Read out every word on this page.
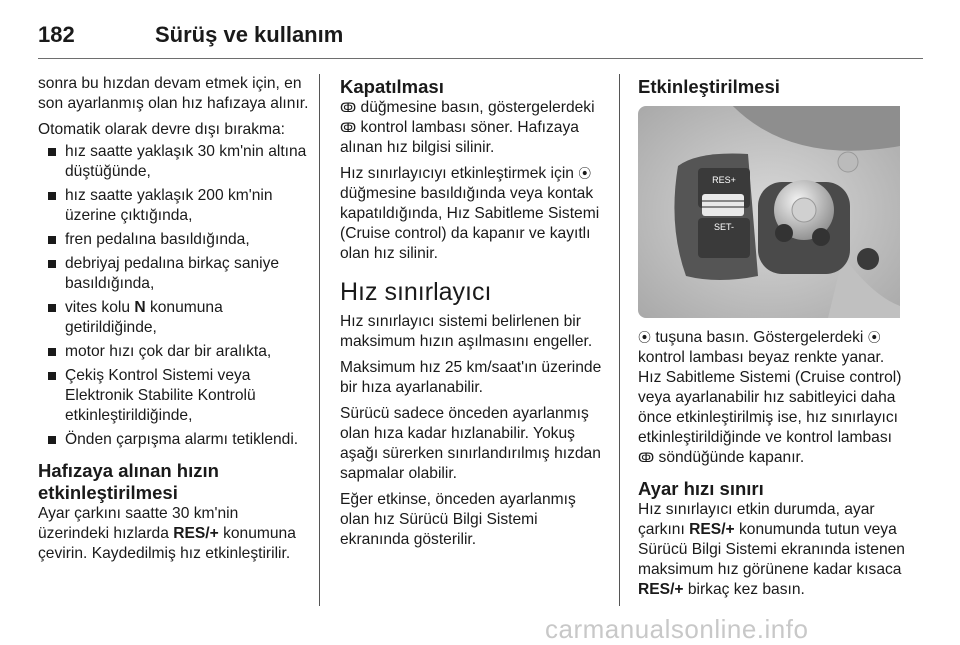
182	Sürüş ve kullanım

sonra bu hızdan devam etmek için, en son ayarlanmış olan hız hafızaya alınır.

Otomatik olarak devre dışı bırakma:

hız saatte yaklaşık 30 km'nin altına düştüğünde,
hız saatte yaklaşık 200 km'nin üzerine çıktığında,
fren pedalına basıldığında,
debriyaj pedalına birkaç saniye basıldığında,
vites kolu N konumuna getirildiğinde,
motor hızı çok dar bir aralıkta,
Çekiş Kontrol Sistemi veya Elektronik Stabilite Kontrolü etkinleştirildiğinde,
Önden çarpışma alarmı tetiklendi.
Hafızaya alınan hızın etkinleştirilmesi

Ayar çarkını saatte 30 km'nin üzerindeki hızlarda RES/+ konumuna çevirin. Kaydedilmiş hız etkinleştirilir.

Kapatılması

ↂ düğmesine basın, göstergelerdeki ↂ kontrol lambası söner. Hafızaya alınan hız bilgisi silinir.

Hız sınırlayıcıyı etkinleştirmek için ⦿ düğmesine basıldığında veya kontak kapatıldığında, Hız Sabitleme Sistemi (Cruise control) da kapanır ve kayıtlı olan hız silinir.

Hız sınırlayıcı

Hız sınırlayıcı sistemi belirlenen bir maksimum hızın aşılmasını engeller.

Maksimum hız 25 km/saat'ın üzerinde bir hıza ayarlanabilir.

Sürücü sadece önceden ayarlanmış olan hıza kadar hızlanabilir. Yokuş aşağı sürerken sınırlandırılmış hızdan sapmalar olabilir.

Eğer etkinse, önceden ayarlanmış olan hız Sürücü Bilgi Sistemi ekranında gösterilir.

Etkinleştirilmesi
RES+
SET-

⦿ tuşuna basın. Göstergelerdeki ⦿ kontrol lambası beyaz renkte yanar. Hız Sabitleme Sistemi (Cruise control) veya ayarlanabilir hız sabitleyici daha önce etkinleştirilmiş ise, hız sınırlayıcı etkinleştirildiğinde ve kontrol lambası ↂ söndüğünde kapanır.

Ayar hızı sınırı

Hız sınırlayıcı etkin durumda, ayar çarkını RES/+ konumunda tutun veya Sürücü Bilgi Sistemi ekranında istenen maksimum hız görünene kadar kısaca RES/+ birkaç kez basın.

carmanualsonline.info
